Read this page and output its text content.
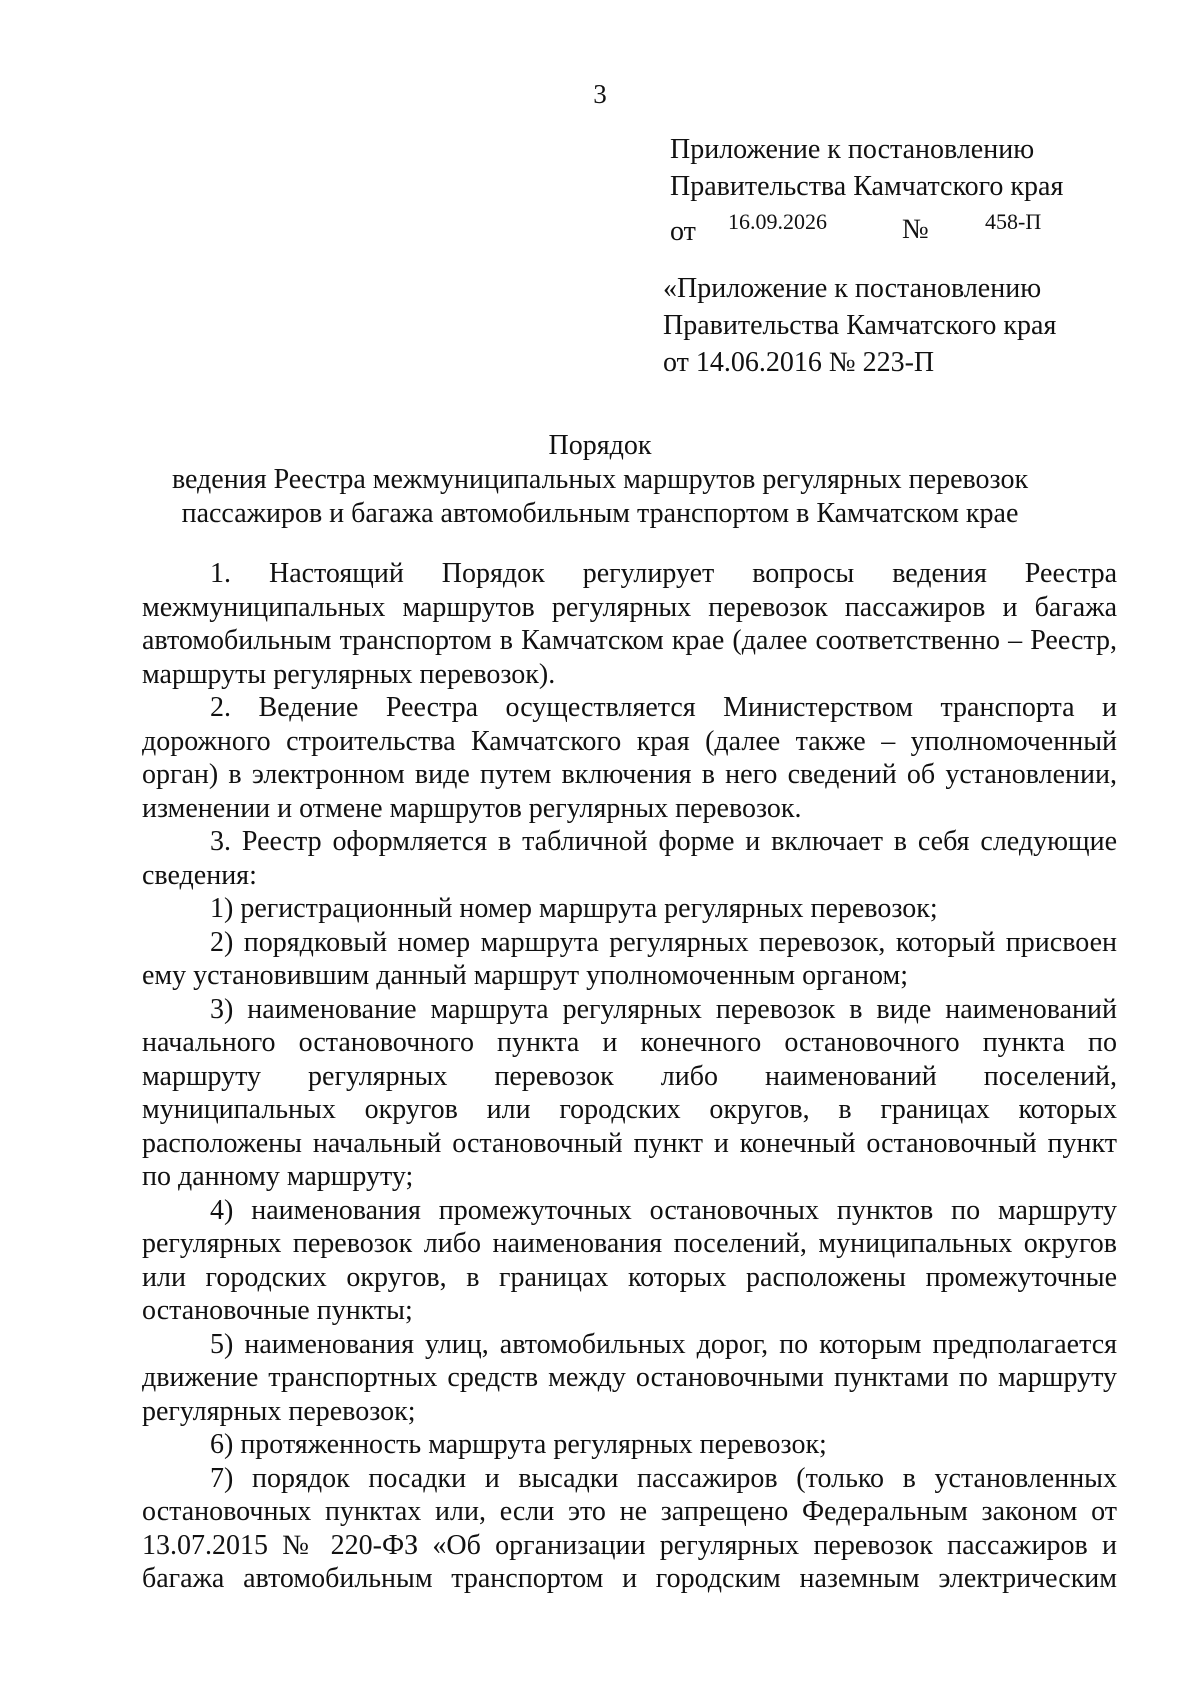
3
Приложение к постановлению
Правительства Камчатского края
от 16.09.2026	№	458-П
«Приложение к постановлению
Правительства Камчатского края
от 14.06.2016 № 223-П
Порядок
ведения Реестра межмуниципальных маршрутов регулярных перевозок
пассажиров и багажа автомобильным транспортом в Камчатском крае

1. Настоящий Порядок регулирует вопросы ведения Реестра межмуниципальных маршрутов регулярных перевозок пассажиров и багажа автомобильным транспортом в Камчатском крае (далее соответственно – Реестр, маршруты регулярных перевозок).

2. Ведение Реестра осуществляется Министерством транспорта и дорожного строительства Камчатского края (далее также – уполномоченный орган) в электронном виде путем включения в него сведений об установлении, изменении и отмене маршрутов регулярных перевозок.

3. Реестр оформляется в табличной форме и включает в себя следующие сведения:

1) регистрационный номер маршрута регулярных перевозок;

2) порядковый номер маршрута регулярных перевозок, который присвоен ему установившим данный маршрут уполномоченным органом;

3) наименование маршрута регулярных перевозок в виде наименований начального остановочного пункта и конечного остановочного пункта по маршруту регулярных перевозок либо наименований поселений, муниципальных округов или городских округов, в границах которых расположены начальный остановочный пункт и конечный остановочный пункт по данному маршруту;

4) наименования промежуточных остановочных пунктов по маршруту регулярных перевозок либо наименования поселений, муниципальных округов или городских округов, в границах которых расположены промежуточные остановочные пункты;

5) наименования улиц, автомобильных дорог, по которым предполагается движение транспортных средств между остановочными пунктами по маршруту регулярных перевозок;

6) протяженность маршрута регулярных перевозок;

7) порядок посадки и высадки пассажиров (только в установленных остановочных пунктах или, если это не запрещено Федеральным законом от 13.07.2015 № 220-ФЗ «Об организации регулярных перевозок пассажиров и багажа автомобильным транспортом и городским наземным электрическим
